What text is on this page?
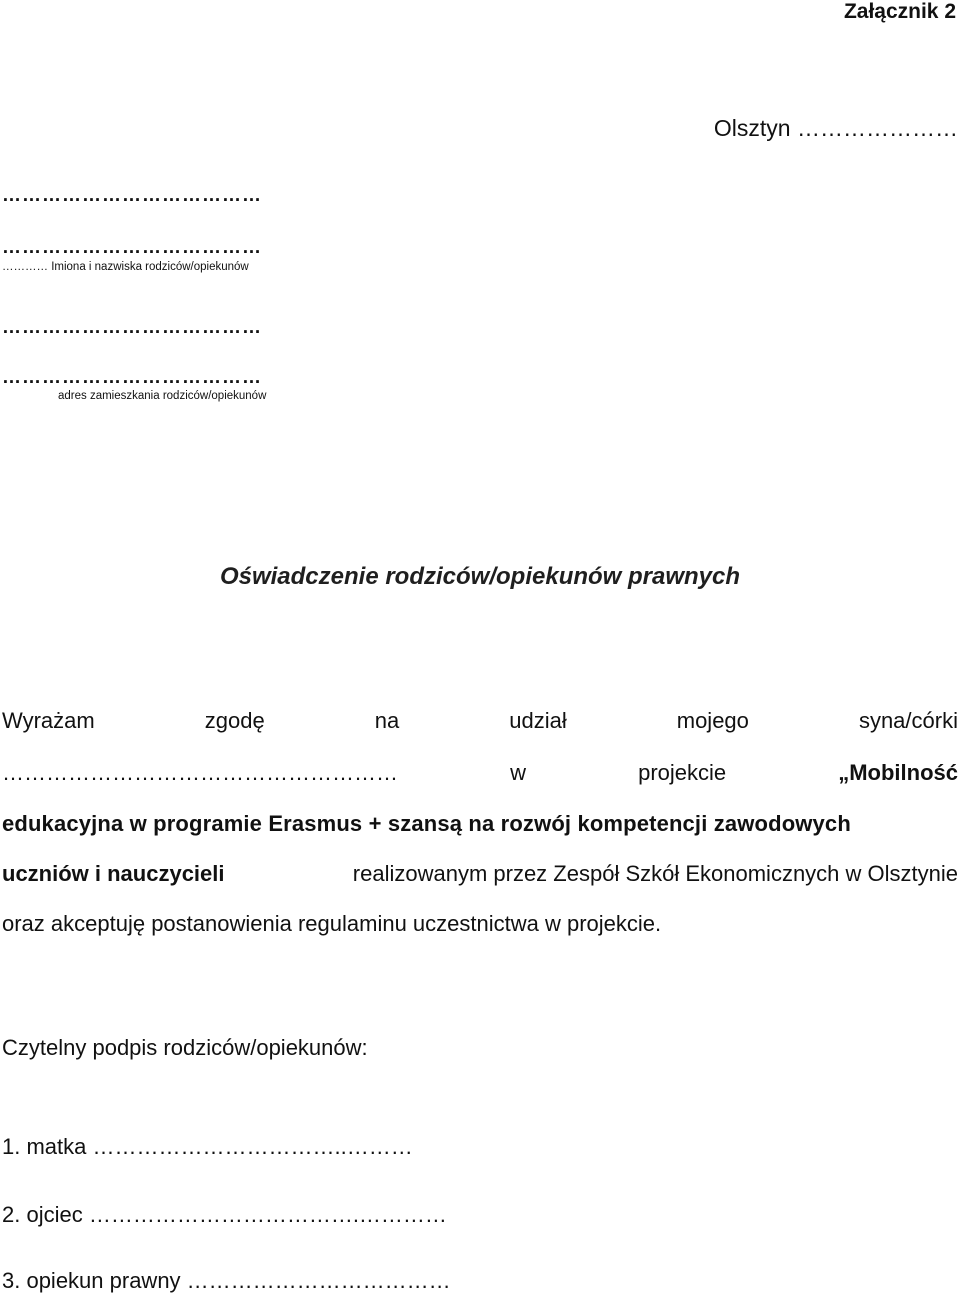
Załącznik 2
Olsztyn …………………
…………………………………
…………………………………
………… Imiona i nazwiska rodziców/opiekunów
…………………………………
…………………………………
adres zamieszkania rodziców/opiekunów
Oświadczenie rodziców/opiekunów prawnych
Wyrażam	zgodę	na	udział	mojego	syna/córki
………………………………………………	w	projekcie	„Mobilność
edukacyjna w programie Erasmus + szansą na rozwój kompetencji zawodowych
uczniów i nauczycieli	realizowanym przez Zespół Szkół Ekonomicznych w Olsztynie
oraz akceptuję postanowienia regulaminu uczestnictwa w projekcie.
Czytelny podpis rodziców/opiekunów:
1. matka ……………………………..………
2. ojciec ……………………………….…………
3. opiekun prawny ………………………………
